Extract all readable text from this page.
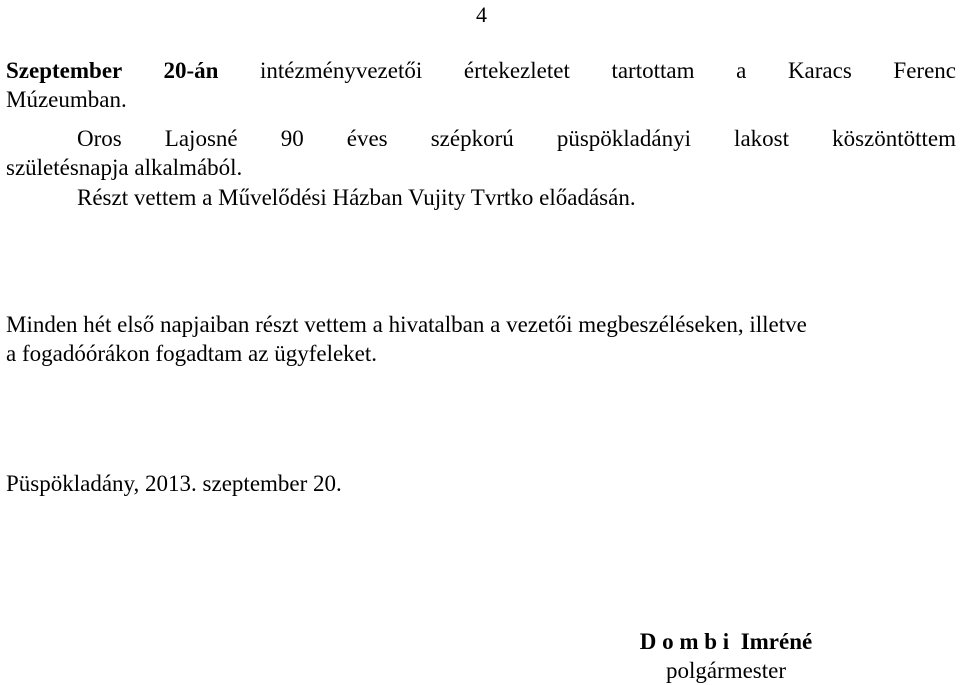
4
Szeptember 20-án intézményvezetői értekezletet tartottam a Karacs Ferenc
Múzeumban.
Oros Lajosné 90 éves szépkorú püspökladányi lakost köszöntöttem
születésnapja alkalmából.
Részt vettem a Művelődési Házban Vujity Tvrtko előadásán.
Minden hét első napjaiban részt vettem a hivatalban a vezetői megbeszéléseken, illetve
a fogadóórákon fogadtam az ügyfeleket.
Püspökladány, 2013. szeptember 20.
D o m b i  Imréné
polgármester
